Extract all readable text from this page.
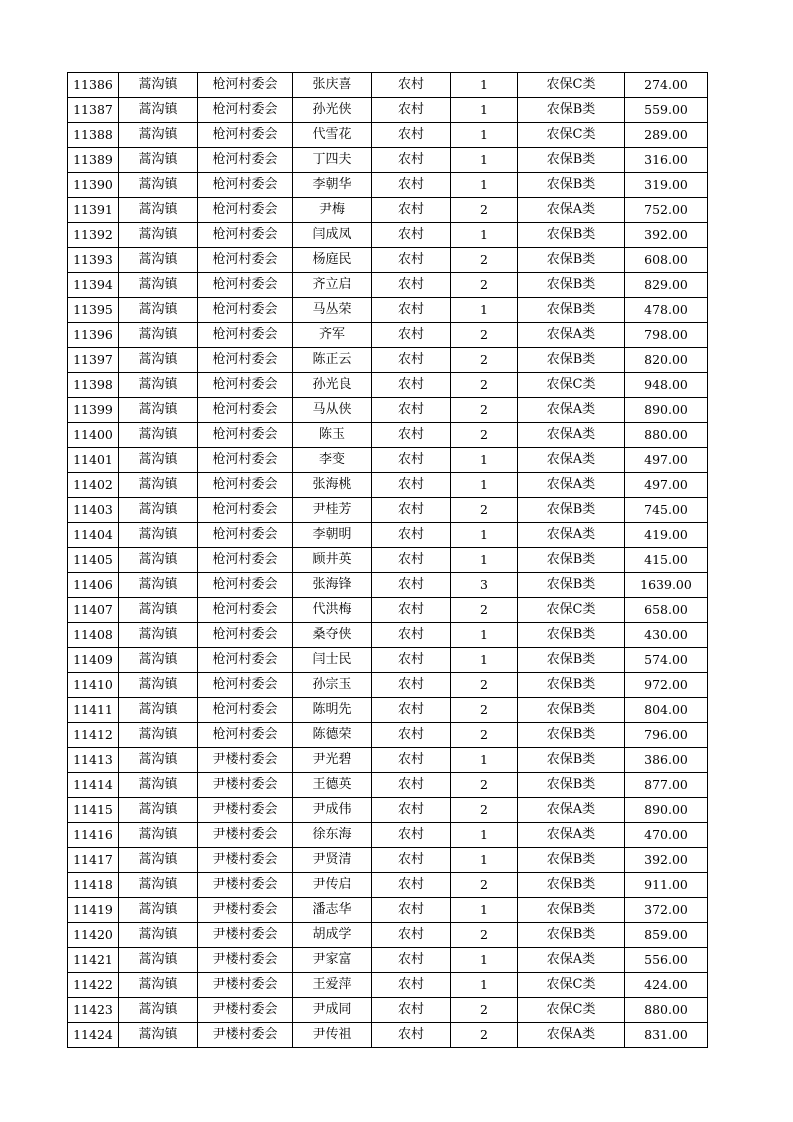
11386	蒿沟镇	枪河村委会	张庆喜	农村	1	农保C类	274.00
11387	蒿沟镇	枪河村委会	孙光侠	农村	1	农保B类	559.00
11388	蒿沟镇	枪河村委会	代雪花	农村	1	农保C类	289.00
11389	蒿沟镇	枪河村委会	丁四夫	农村	1	农保B类	316.00
11390	蒿沟镇	枪河村委会	李朝华	农村	1	农保B类	319.00
11391	蒿沟镇	枪河村委会	尹梅	农村	2	农保A类	752.00
11392	蒿沟镇	枪河村委会	闫成凤	农村	1	农保B类	392.00
11393	蒿沟镇	枪河村委会	杨庭民	农村	2	农保B类	608.00
11394	蒿沟镇	枪河村委会	齐立启	农村	2	农保B类	829.00
11395	蒿沟镇	枪河村委会	马丛荣	农村	1	农保B类	478.00
11396	蒿沟镇	枪河村委会	齐军	农村	2	农保A类	798.00
11397	蒿沟镇	枪河村委会	陈正云	农村	2	农保B类	820.00
11398	蒿沟镇	枪河村委会	孙光良	农村	2	农保C类	948.00
11399	蒿沟镇	枪河村委会	马从侠	农村	2	农保A类	890.00
11400	蒿沟镇	枪河村委会	陈玉	农村	2	农保A类	880.00
11401	蒿沟镇	枪河村委会	李变	农村	1	农保A类	497.00
11402	蒿沟镇	枪河村委会	张海桃	农村	1	农保A类	497.00
11403	蒿沟镇	枪河村委会	尹桂芳	农村	2	农保B类	745.00
11404	蒿沟镇	枪河村委会	李朝明	农村	1	农保A类	419.00
11405	蒿沟镇	枪河村委会	顾井英	农村	1	农保B类	415.00
11406	蒿沟镇	枪河村委会	张海锋	农村	3	农保B类	1639.00
11407	蒿沟镇	枪河村委会	代洪梅	农村	2	农保C类	658.00
11408	蒿沟镇	枪河村委会	桑夺侠	农村	1	农保B类	430.00
11409	蒿沟镇	枪河村委会	闫士民	农村	1	农保B类	574.00
11410	蒿沟镇	枪河村委会	孙宗玉	农村	2	农保B类	972.00
11411	蒿沟镇	枪河村委会	陈明先	农村	2	农保B类	804.00
11412	蒿沟镇	枪河村委会	陈德荣	农村	2	农保B类	796.00
11413	蒿沟镇	尹楼村委会	尹光碧	农村	1	农保B类	386.00
11414	蒿沟镇	尹楼村委会	王德英	农村	2	农保B类	877.00
11415	蒿沟镇	尹楼村委会	尹成伟	农村	2	农保A类	890.00
11416	蒿沟镇	尹楼村委会	徐东海	农村	1	农保A类	470.00
11417	蒿沟镇	尹楼村委会	尹贤清	农村	1	农保B类	392.00
11418	蒿沟镇	尹楼村委会	尹传启	农村	2	农保B类	911.00
11419	蒿沟镇	尹楼村委会	潘志华	农村	1	农保B类	372.00
11420	蒿沟镇	尹楼村委会	胡成学	农村	2	农保B类	859.00
11421	蒿沟镇	尹楼村委会	尹家富	农村	1	农保A类	556.00
11422	蒿沟镇	尹楼村委会	王爱萍	农村	1	农保C类	424.00
11423	蒿沟镇	尹楼村委会	尹成同	农村	2	农保C类	880.00
11424	蒿沟镇	尹楼村委会	尹传祖	农村	2	农保A类	831.00
